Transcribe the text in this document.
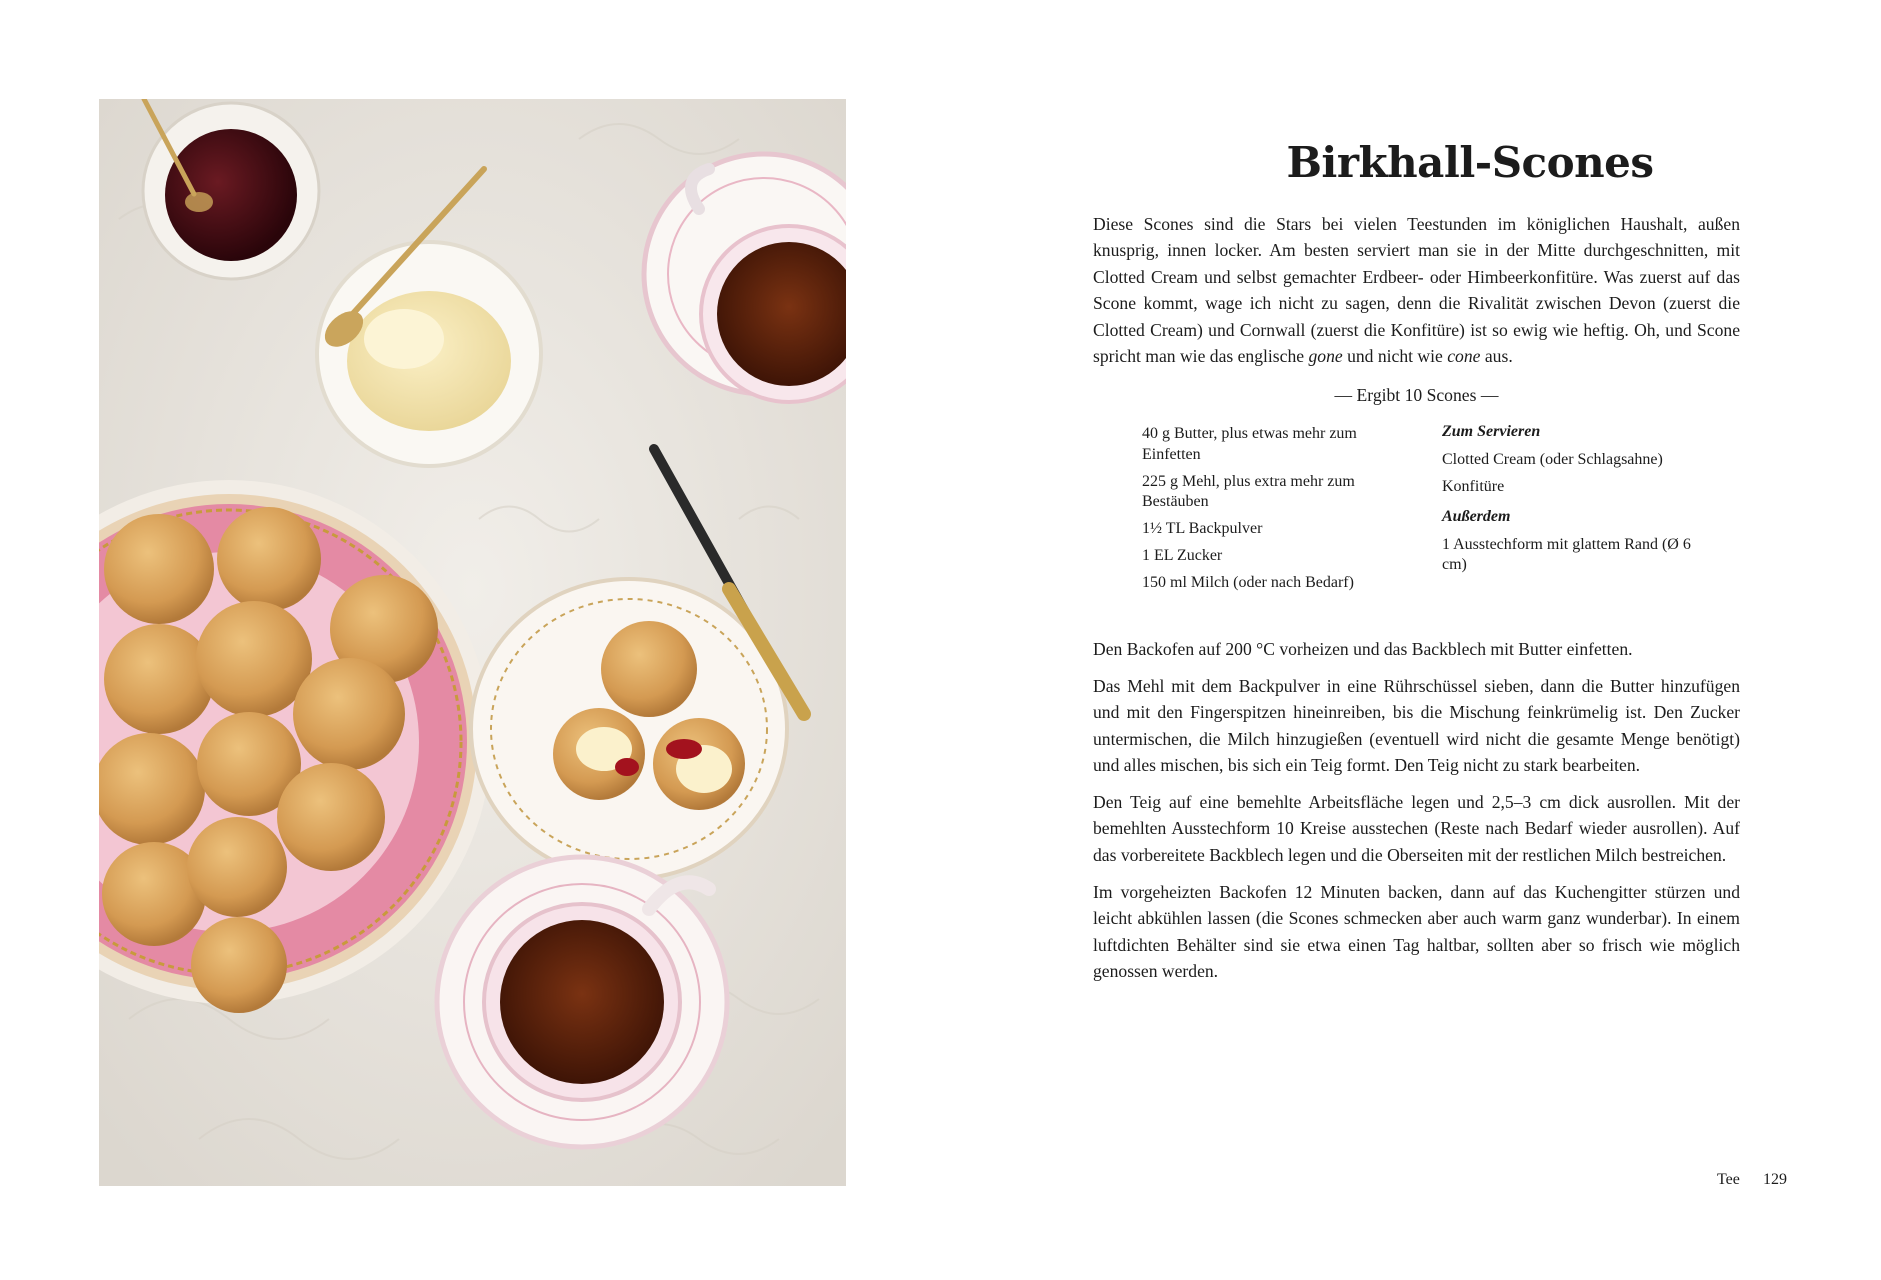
Birkhall-Scones

Diese Scones sind die Stars bei vielen Teestunden im königlichen Haushalt, außen knusprig, innen locker. Am besten serviert man sie in der Mitte durchgeschnitten, mit Clotted Cream und selbst gemachter Erdbeer- oder Himbeerkonfitüre. Was zuerst auf das Scone kommt, wage ich nicht zu sagen, denn die Rivalität zwischen Devon (zuerst die Clotted Cream) und Cornwall (zuerst die Konfitüre) ist so ewig wie heftig. Oh, und Scone spricht man wie das englische gone und nicht wie cone aus.

— Ergibt 10 Scones —

40 g Butter, plus etwas mehr zum Einfetten

225 g Mehl, plus extra mehr zum Bestäuben

1½ TL Backpulver

1 EL Zucker

150 ml Milch (oder nach Bedarf)

Zum Servieren

Clotted Cream (oder Schlagsahne)

Konfitüre

Außerdem

1 Ausstechform mit glattem Rand (Ø 6 cm)

Den Backofen auf 200 °C vorheizen und das Backblech mit Butter einfetten.

Das Mehl mit dem Backpulver in eine Rührschüssel sieben, dann die Butter hinzufügen und mit den Fingerspitzen hineinreiben, bis die Mischung feinkrümelig ist. Den Zucker untermischen, die Milch hinzugießen (eventuell wird nicht die gesamte Menge benötigt) und alles mischen, bis sich ein Teig formt. Den Teig nicht zu stark bearbeiten.

Den Teig auf eine bemehlte Arbeitsfläche legen und 2,5–3 cm dick ausrollen. Mit der bemehlten Ausstechform 10 Kreise ausstechen (Reste nach Bedarf wieder ausrollen). Auf das vorbereitete Backblech legen und die Oberseiten mit der restlichen Milch bestreichen.

Im vorgeheizten Backofen 12 Minuten backen, dann auf das Kuchengitter stürzen und leicht abkühlen lassen (die Scones schmecken aber auch warm ganz wunderbar). In einem luftdichten Behälter sind sie etwa einen Tag haltbar, sollten aber so frisch wie möglich genossen werden.

Tee 129
